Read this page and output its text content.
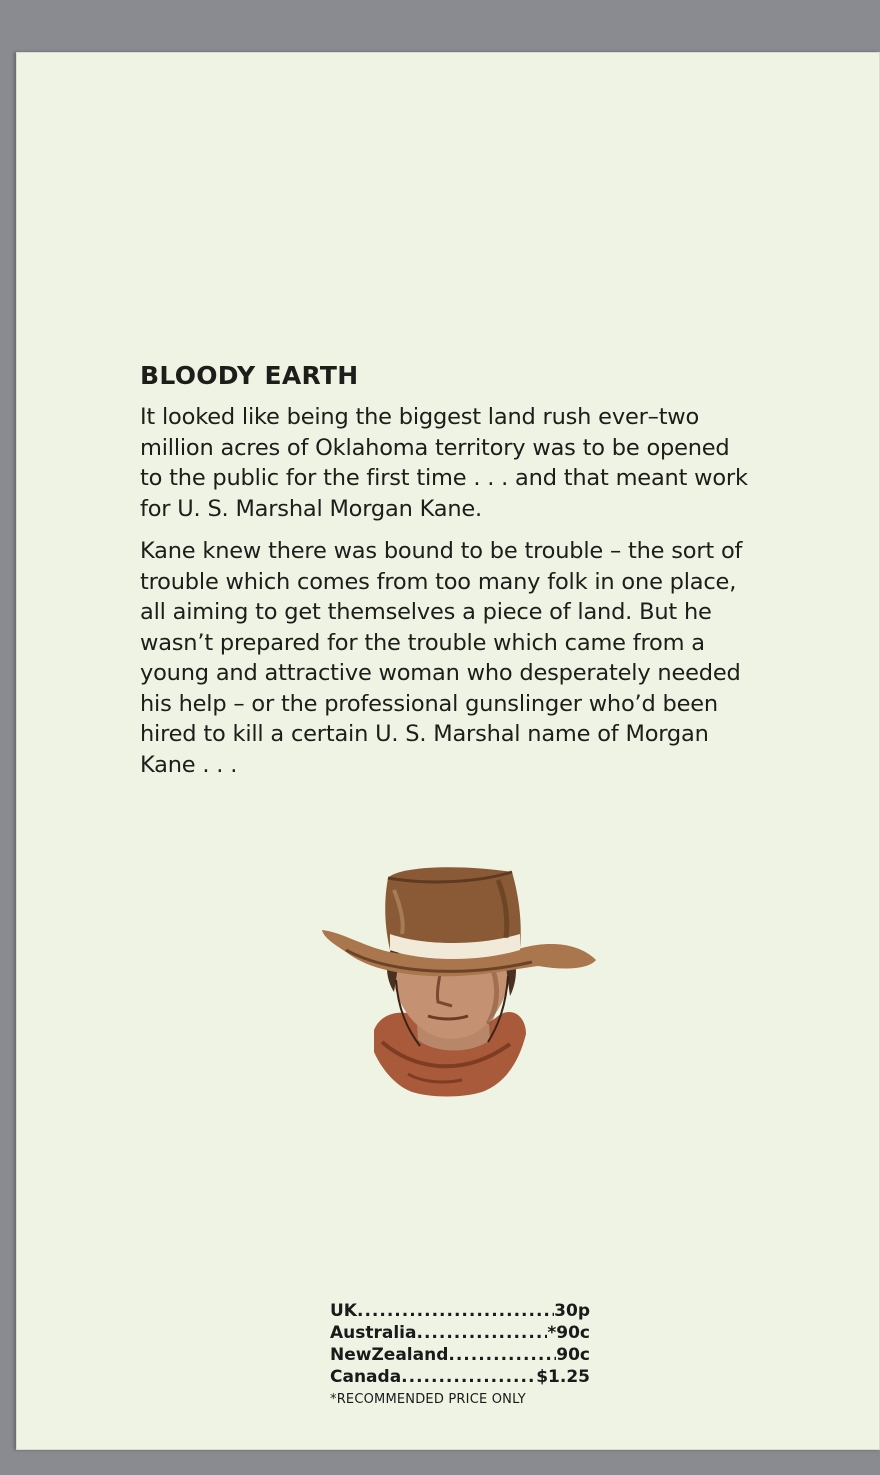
BLOODY EARTH

It looked like being the biggest land rush ever–two million acres of Oklahoma territory was to be opened to the public for the first time . . . and that meant work for U. S. Marshal Morgan Kane.

Kane knew there was bound to be trouble – the sort of trouble which comes from too many folk in one place, all aiming to get themselves a piece of land. But he wasn’t prepared for the trouble which came from a young and attractive woman who desperately needed his help – or the professional gunslinger who’d been hired to kill a certain U. S. Marshal name of Morgan Kane . . .

UK .....	30p
Australia .....	*90c
NewZealand .....	90c
Canada .....	$1.25
*RECOMMENDED PRICE ONLY
